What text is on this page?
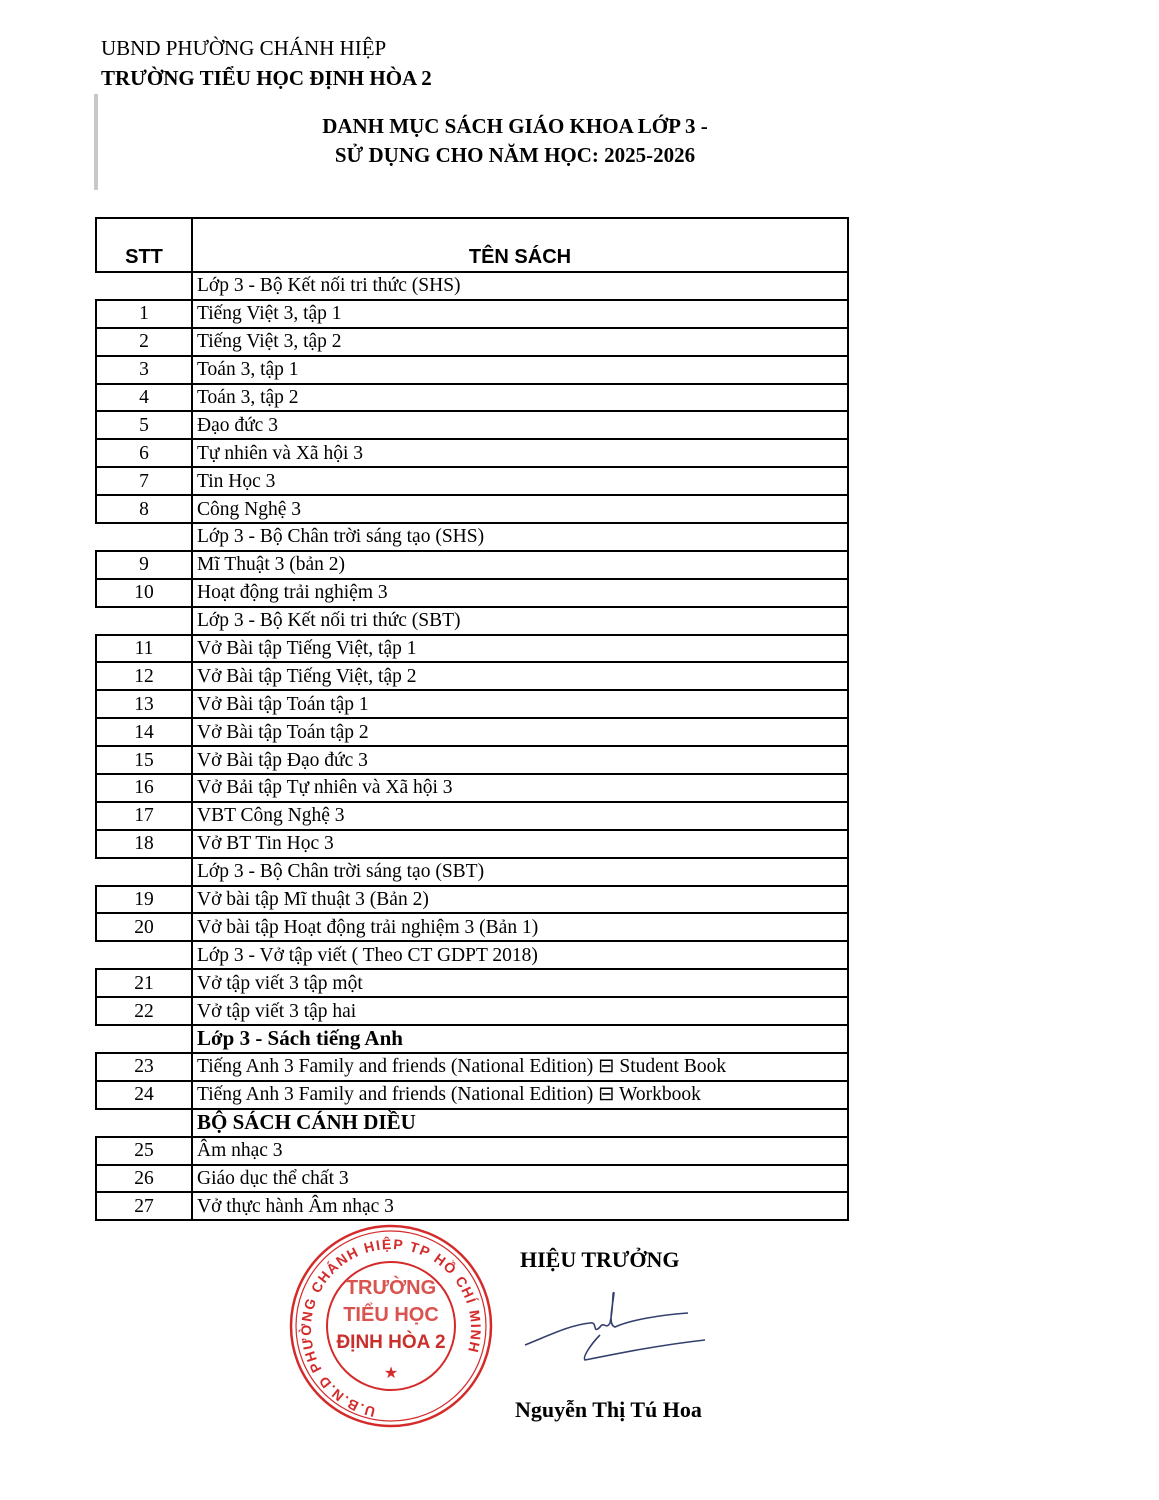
UBND PHƯỜNG CHÁNH HIỆP
TRƯỜNG TIỂU HỌC ĐỊNH HÒA 2
DANH MỤC SÁCH GIÁO KHOA LỚP 3 -
SỬ DỤNG CHO NĂM HỌC: 2025-2026
STT	TÊN SÁCH
	Lớp 3 - Bộ Kết nối tri thức (SHS)
1	Tiếng Việt 3, tập 1
2	Tiếng Việt 3, tập 2
3	Toán 3, tập 1
4	Toán 3, tập 2
5	Đạo đức 3
6	Tự nhiên và Xã hội 3
7	Tin Học 3
8	Công Nghệ 3
	Lớp 3 - Bộ Chân trời sáng tạo (SHS)
9	Mĩ Thuật 3 (bản 2)
10	Hoạt động trải nghiệm 3
	Lớp 3 - Bộ Kết nối tri thức (SBT)
11	Vở Bài tập Tiếng Việt, tập 1
12	Vở Bài tập Tiếng Việt, tập 2
13	Vở Bài tập Toán tập 1
14	Vở Bài tập Toán tập 2
15	Vở Bài tập Đạo đức 3
16	Vở Bải tập Tự nhiên và Xã hội 3
17	VBT Công Nghệ 3
18	Vở BT Tin Học 3
	Lớp 3 - Bộ Chân trời sáng tạo (SBT)
19	Vở bài tập Mĩ thuật 3 (Bản 2)
20	Vở bài tập Hoạt động trải nghiệm 3 (Bản 1)
	Lớp 3 - Vở tập viết ( Theo CT GDPT 2018)
21	Vở tập viết 3 tập một
22	Vở tập viết 3 tập hai
	Lớp 3 - Sách tiếng Anh
23	Tiếng Anh 3 Family and friends (National Edition) ⊟ Student Book
24	Tiếng Anh 3 Family and friends (National Edition) ⊟ Workbook
	BỘ SÁCH CÁNH DIỀU
25	Âm nhạc 3
26	Giáo dục thể chất 3
27	Vở thực hành Âm nhạc 3
U.B.N.D PHƯỜNG CHÁNH HIỆP TP HỒ CHÍ MINH
TRƯỜNG
TIỂU HỌC
ĐỊNH HÒA 2
★
HIỆU TRƯỞNG
Nguyễn Thị Tú Hoa
